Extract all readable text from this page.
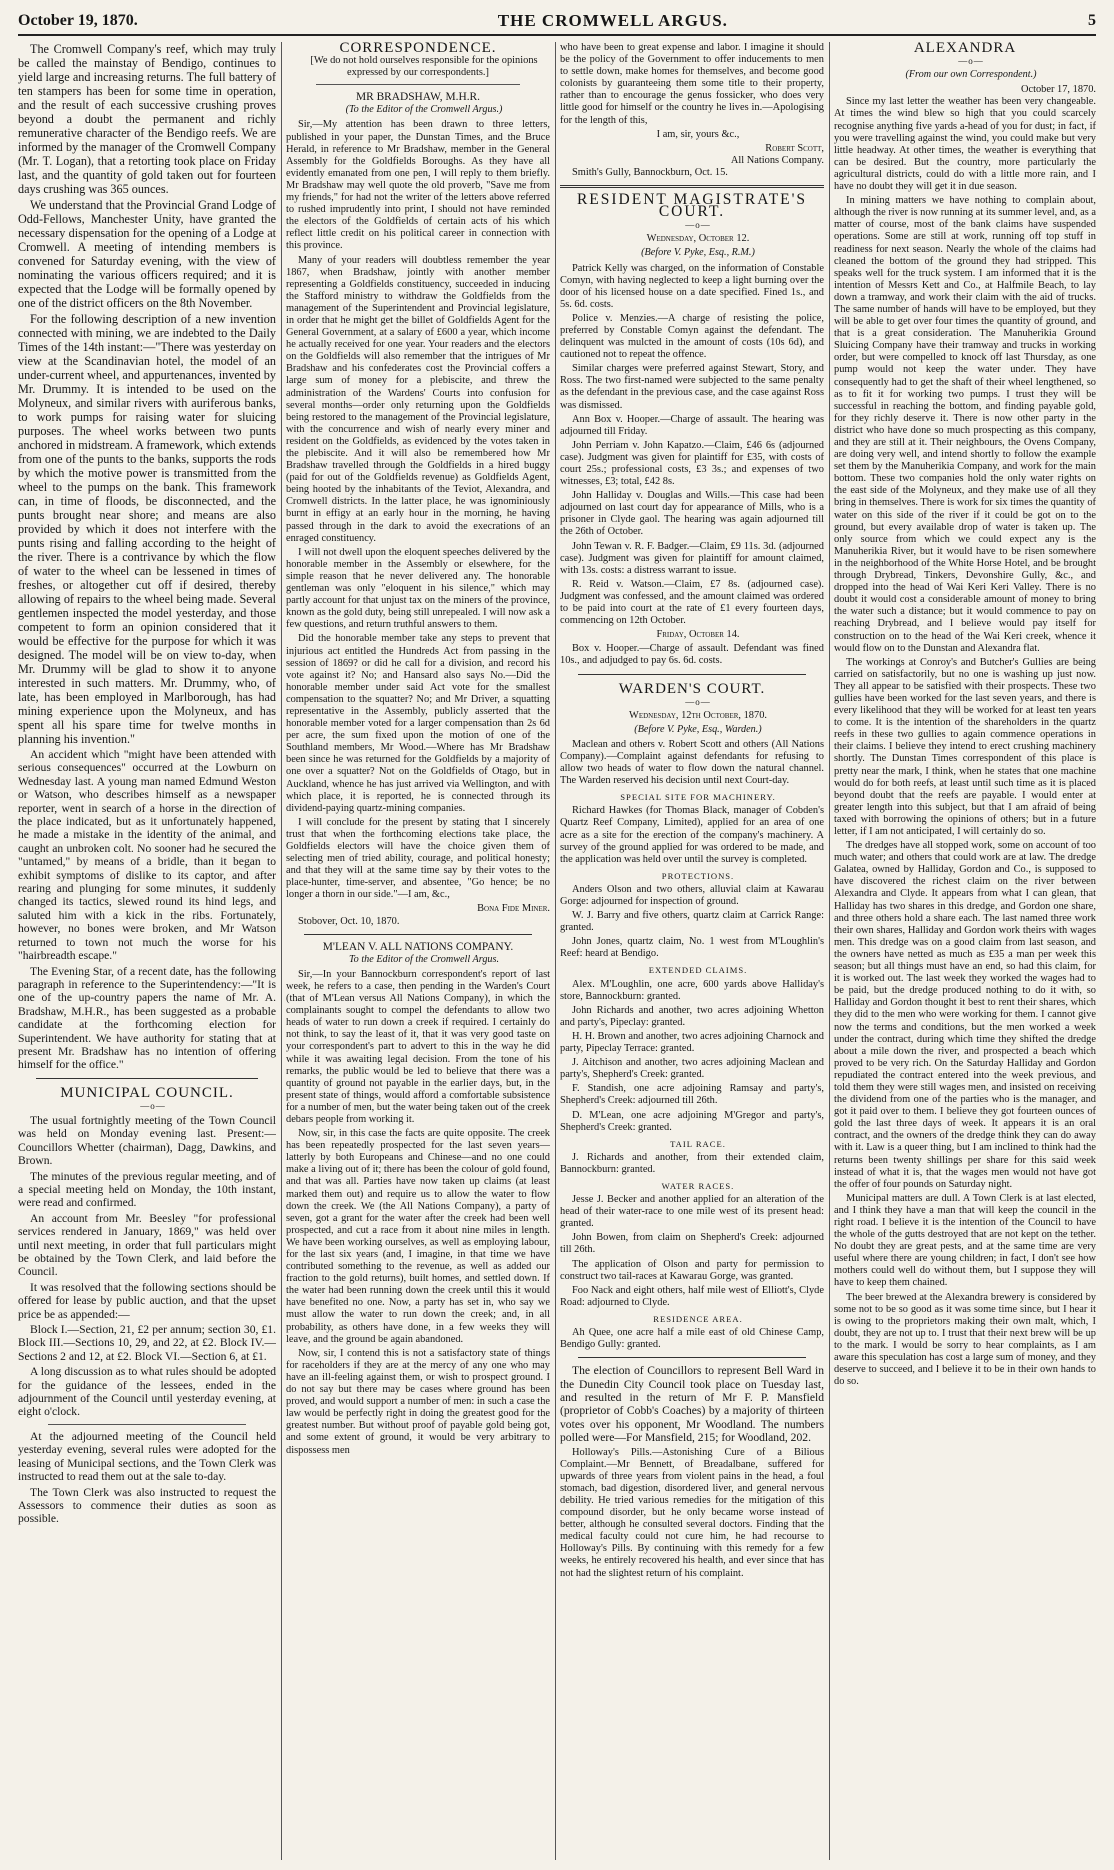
October 19, 1870.	THE CROMWELL ARGUS.	5

The Cromwell Company's reef, which may truly be called the mainstay of Bendigo, continues to yield large and increasing returns. The full battery of ten stampers has been for some time in operation, and the result of each successive crushing proves beyond a doubt the permanent and richly remunerative character of the Bendigo reefs. We are informed by the manager of the Cromwell Company (Mr. T. Logan), that a retorting took place on Friday last, and the quantity of gold taken out for fourteen days crushing was 365 ounces.

We understand that the Provincial Grand Lodge of Odd-Fellows, Manchester Unity, have granted the necessary dispensation for the opening of a Lodge at Cromwell. A meeting of intending members is convened for Saturday evening, with the view of nominating the various officers required; and it is expected that the Lodge will be formally opened by one of the district officers on the 8th November.

For the following description of a new invention connected with mining, we are indebted to the Daily Times of the 14th instant:—"There was yesterday on view at the Scandinavian hotel, the model of an under-current wheel, and appurtenances, invented by Mr. Drummy. It is intended to be used on the Molyneux, and similar rivers with auriferous banks, to work pumps for raising water for sluicing purposes. The wheel works between two punts anchored in midstream. A framework, which extends from one of the punts to the banks, supports the rods by which the motive power is transmitted from the wheel to the pumps on the bank. This framework can, in time of floods, be disconnected, and the punts brought near shore; and means are also provided by which it does not interfere with the punts rising and falling according to the height of the river. There is a contrivance by which the flow of water to the wheel can be lessened in times of freshes, or altogether cut off if desired, thereby allowing of repairs to the wheel being made. Several gentlemen inspected the model yesterday, and those competent to form an opinion considered that it would be effective for the purpose for which it was designed. The model will be on view to-day, when Mr. Drummy will be glad to show it to anyone interested in such matters. Mr. Drummy, who, of late, has been employed in Marlborough, has had mining experience upon the Molyneux, and has spent all his spare time for twelve months in planning his invention."

An accident which "might have been attended with serious consequences" occurred at the Lowburn on Wednesday last. A young man named Edmund Weston or Watson, who describes himself as a newspaper reporter, went in search of a horse in the direction of the place indicated, but as it unfortunately happened, he made a mistake in the identity of the animal, and caught an unbroken colt. No sooner had he secured the "untamed," by means of a bridle, than it began to exhibit symptoms of dislike to its captor, and after rearing and plunging for some minutes, it suddenly changed its tactics, slewed round its hind legs, and saluted him with a kick in the ribs. Fortunately, however, no bones were broken, and Mr Watson returned to town not much the worse for his "hairbreadth escape."

The Evening Star, of a recent date, has the following paragraph in reference to the Superintendency:—"It is one of the up-country papers the name of Mr. A. Bradshaw, M.H.R., has been suggested as a probable candidate at the forthcoming election for Superintendent. We have authority for stating that at present Mr. Bradshaw has no intention of offering himself for the office."

MUNICIPAL COUNCIL.

—o—

The usual fortnightly meeting of the Town Council was held on Monday evening last. Present:—Councillors Whetter (chairman), Dagg, Dawkins, and Brown.

The minutes of the previous regular meeting, and of a special meeting held on Monday, the 10th instant, were read and confirmed.

An account from Mr. Beesley "for professional services rendered in January, 1869," was held over until next meeting, in order that full particulars might be obtained by the Town Clerk, and laid before the Council.

It was resolved that the following sections should be offered for lease by public auction, and that the upset price be as appended:—

Block I.—Section, 21, £2 per annum; section 30, £1. Block III.—Sections 10, 29, and 22, at £2. Block IV.—Sections 2 and 12, at £2. Block VI.—Section 6, at £1.

A long discussion as to what rules should be adopted for the guidance of the lessees, ended in the adjournment of the Council until yesterday evening, at eight o'clock.

At the adjourned meeting of the Council held yesterday evening, several rules were adopted for the leasing of Municipal sections, and the Town Clerk was instructed to read them out at the sale to-day.

The Town Clerk was also instructed to request the Assessors to commence their duties as soon as possible.

CORRESPONDENCE.

[We do not hold ourselves responsible for the opinions expressed by our correspondents.]

MR BRADSHAW, M.H.R.

(To the Editor of the Cromwell Argus.)

Sir,—My attention has been drawn to three letters, published in your paper, the Dunstan Times, and the Bruce Herald, in reference to Mr Bradshaw, member in the General Assembly for the Goldfields Boroughs. As they have all evidently emanated from one pen, I will reply to them briefly. Mr Bradshaw may well quote the old proverb, "Save me from my friends," for had not the writer of the letters above referred to rushed imprudently into print, I should not have reminded the electors of the Goldfields of certain acts of his which reflect little credit on his political career in connection with this province.

Many of your readers will doubtless remember the year 1867, when Bradshaw, jointly with another member representing a Goldfields constituency, succeeded in inducing the Stafford ministry to withdraw the Goldfields from the management of the Superintendent and Provincial legislature, in order that he might get the billet of Goldfields Agent for the General Government, at a salary of £600 a year, which income he actually received for one year. Your readers and the electors on the Goldfields will also remember that the intrigues of Mr Bradshaw and his confederates cost the Provincial coffers a large sum of money for a plebiscite, and threw the administration of the Wardens' Courts into confusion for several months—order only returning upon the Goldfields being restored to the management of the Provincial legislature, with the concurrence and wish of nearly every miner and resident on the Goldfields, as evidenced by the votes taken in the plebiscite. And it will also be remembered how Mr Bradshaw travelled through the Goldfields in a hired buggy (paid for out of the Goldfields revenue) as Goldfields Agent, being hooted by the inhabitants of the Teviot, Alexandra, and Cromwell districts. In the latter place, he was ignominiously burnt in effigy at an early hour in the morning, he having passed through in the dark to avoid the execrations of an enraged constituency.

I will not dwell upon the eloquent speeches delivered by the honorable member in the Assembly or elsewhere, for the simple reason that he never delivered any. The honorable gentleman was only "eloquent in his silence," which may partly account for that unjust tax on the miners of the province, known as the gold duty, being still unrepealed. I will now ask a few questions, and return truthful answers to them.

Did the honorable member take any steps to prevent that injurious act entitled the Hundreds Act from passing in the session of 1869? or did he call for a division, and record his vote against it? No; and Hansard also says No.—Did the honorable member under said Act vote for the smallest compensation to the squatter? No; and Mr Driver, a squatting representative in the Assembly, publicly asserted that the honorable member voted for a larger compensation than 2s 6d per acre, the sum fixed upon the motion of one of the Southland members, Mr Wood.—Where has Mr Bradshaw been since he was returned for the Goldfields by a majority of one over a squatter? Not on the Goldfields of Otago, but in Auckland, whence he has just arrived via Wellington, and with which place, it is reported, he is connected through its dividend-paying quartz-mining companies.

I will conclude for the present by stating that I sincerely trust that when the forthcoming elections take place, the Goldfields electors will have the choice given them of selecting men of tried ability, courage, and political honesty; and that they will at the same time say by their votes to the place-hunter, time-server, and absentee, "Go hence; be no longer a thorn in our side."—I am, &c.,

Bona Fide Miner.

Stobover, Oct. 10, 1870.

M'LEAN V. ALL NATIONS COMPANY.

To the Editor of the Cromwell Argus.

Sir,—In your Bannockburn correspondent's report of last week, he refers to a case, then pending in the Warden's Court (that of M'Lean versus All Nations Company), in which the complainants sought to compel the defendants to allow two heads of water to run down a creek if required. I certainly do not think, to say the least of it, that it was very good taste on your correspondent's part to advert to this in the way he did while it was awaiting legal decision. From the tone of his remarks, the public would be led to believe that there was a quantity of ground not payable in the earlier days, but, in the present state of things, would afford a comfortable subsistence for a number of men, but the water being taken out of the creek debars people from working it.

Now, sir, in this case the facts are quite opposite. The creek has been repeatedly prospected for the last seven years—latterly by both Europeans and Chinese—and no one could make a living out of it; there has been the colour of gold found, and that was all. Parties have now taken up claims (at least marked them out) and require us to allow the water to flow down the creek. We (the All Nations Company), a party of seven, got a grant for the water after the creek had been well prospected, and cut a race from it about nine miles in length. We have been working ourselves, as well as employing labour, for the last six years (and, I imagine, in that time we have contributed something to the revenue, as well as added our fraction to the gold returns), built homes, and settled down. If the water had been running down the creek until this it would have benefited no one. Now, a party has set in, who say we must allow the water to run down the creek; and, in all probability, as others have done, in a few weeks they will leave, and the ground be again abandoned.

Now, sir, I contend this is not a satisfactory state of things for raceholders if they are at the mercy of any one who may have an ill-feeling against them, or wish to prospect ground. I do not say but there may be cases where ground has been proved, and would support a number of men: in such a case the law would be perfectly right in doing the greatest good for the greatest number. But without proof of payable gold being got, and some extent of ground, it would be very arbitrary to dispossess men

who have been to great expense and labor. I imagine it should be the policy of the Government to offer inducements to men to settle down, make homes for themselves, and become good colonists by guaranteeing them some title to their property, rather than to encourage the genus fossicker, who does very little good for himself or the country he lives in.—Apologising for the length of this,

I am, sir, yours &c.,

Robert Scott,

All Nations Company.

Smith's Gully, Bannockburn, Oct. 15.

RESIDENT MAGISTRATE'S COURT.

—o—

Wednesday, October 12.

(Before V. Pyke, Esq., R.M.)

Patrick Kelly was charged, on the information of Constable Comyn, with having neglected to keep a light burning over the door of his licensed house on a date specified. Fined 1s., and 5s. 6d. costs.

Police v. Menzies.—A charge of resisting the police, preferred by Constable Comyn against the defendant. The delinquent was mulcted in the amount of costs (10s 6d), and cautioned not to repeat the offence.

Similar charges were preferred against Stewart, Story, and Ross. The two first-named were subjected to the same penalty as the defendant in the previous case, and the case against Ross was dismissed.

Ann Box v. Hooper.—Charge of assault. The hearing was adjourned till Friday.

John Perriam v. John Kapatzo.—Claim, £46 6s (adjourned case). Judgment was given for plaintiff for £35, with costs of court 25s.; professional costs, £3 3s.; and expenses of two witnesses, £3; total, £42 8s.

John Halliday v. Douglas and Wills.—This case had been adjourned on last court day for appearance of Mills, who is a prisoner in Clyde gaol. The hearing was again adjourned till the 26th of October.

John Tewan v. R. F. Badger.—Claim, £9 11s. 3d. (adjourned case). Judgment was given for plaintiff for amount claimed, with 13s. costs: a distress warrant to issue.

R. Reid v. Watson.—Claim, £7 8s. (adjourned case). Judgment was confessed, and the amount claimed was ordered to be paid into court at the rate of £1 every fourteen days, commencing on 12th October.

Friday, October 14.

Box v. Hooper.—Charge of assault. Defendant was fined 10s., and adjudged to pay 6s. 6d. costs.

WARDEN'S COURT.

—o—

Wednesday, 12th October, 1870.

(Before V. Pyke, Esq., Warden.)

Maclean and others v. Robert Scott and others (All Nations Company).—Complaint against defendants for refusing to allow two heads of water to flow down the natural channel. The Warden reserved his decision until next Court-day.

SPECIAL SITE FOR MACHINERY.

Richard Hawkes (for Thomas Black, manager of Cobden's Quartz Reef Company, Limited), applied for an area of one acre as a site for the erection of the company's machinery. A survey of the ground applied for was ordered to be made, and the application was held over until the survey is completed.

PROTECTIONS.

Anders Olson and two others, alluvial claim at Kawarau Gorge: adjourned for inspection of ground.

W. J. Barry and five others, quartz claim at Carrick Range: granted.

John Jones, quartz claim, No. 1 west from M'Loughlin's Reef: heard at Bendigo.

EXTENDED CLAIMS.

Alex. M'Loughlin, one acre, 600 yards above Halliday's store, Bannockburn: granted.

John Richards and another, two acres adjoining Whetton and party's, Pipeclay: granted.

H. H. Brown and another, two acres adjoining Charnock and party, Pipeclay Terrace: granted.

J. Aitchison and another, two acres adjoining Maclean and party's, Shepherd's Creek: granted.

F. Standish, one acre adjoining Ramsay and party's, Shepherd's Creek: adjourned till 26th.

D. M'Lean, one acre adjoining M'Gregor and party's, Shepherd's Creek: granted.

TAIL RACE.

J. Richards and another, from their extended claim, Bannockburn: granted.

WATER RACES.

Jesse J. Becker and another applied for an alteration of the head of their water-race to one mile west of its present head: granted.

John Bowen, from claim on Shepherd's Creek: adjourned till 26th.

The application of Olson and party for permission to construct two tail-races at Kawarau Gorge, was granted.

Foo Nack and eight others, half mile west of Elliott's, Clyde Road: adjourned to Clyde.

RESIDENCE AREA.

Ah Quee, one acre half a mile east of old Chinese Camp, Bendigo Gully: granted.

The election of Councillors to represent Bell Ward in the Dunedin City Council took place on Tuesday last, and resulted in the return of Mr F. P. Mansfield (proprietor of Cobb's Coaches) by a majority of thirteen votes over his opponent, Mr Woodland. The numbers polled were—For Mansfield, 215; for Woodland, 202.

Holloway's Pills.—Astonishing Cure of a Bilious Complaint.—Mr Bennett, of Breadalbane, suffered for upwards of three years from violent pains in the head, a foul stomach, bad digestion, disordered liver, and general nervous debility. He tried various remedies for the mitigation of this compound disorder, but he only became worse instead of better, although he consulted several doctors. Finding that the medical faculty could not cure him, he had recourse to Holloway's Pills. By continuing with this remedy for a few weeks, he entirely recovered his health, and ever since that has not had the slightest return of his complaint.

ALEXANDRA

—o—

(From our own Correspondent.)

October 17, 1870.

Since my last letter the weather has been very changeable. At times the wind blew so high that you could scarcely recognise anything five yards a-head of you for dust; in fact, if you were travelling against the wind, you could make but very little headway. At other times, the weather is everything that can be desired. But the country, more particularly the agricultural districts, could do with a little more rain, and I have no doubt they will get it in due season.

In mining matters we have nothing to complain about, although the river is now running at its summer level, and, as a matter of course, most of the bank claims have suspended operations. Some are still at work, running off top stuff in readiness for next season. Nearly the whole of the claims had cleaned the bottom of the ground they had stripped. This speaks well for the truck system. I am informed that it is the intention of Messrs Kett and Co., at Halfmile Beach, to lay down a tramway, and work their claim with the aid of trucks. The same number of hands will have to be employed, but they will be able to get over four times the quantity of ground, and that is a great consideration. The Manuherikia Ground Sluicing Company have their tramway and trucks in working order, but were compelled to knock off last Thursday, as one pump would not keep the water under. They have consequently had to get the shaft of their wheel lengthened, so as to fit it for working two pumps. I trust they will be successful in reaching the bottom, and finding payable gold, for they richly deserve it. There is now other party in the district who have done so much prospecting as this company, and they are still at it. Their neighbours, the Ovens Company, are doing very well, and intend shortly to follow the example set them by the Manuherikia Company, and work for the main bottom. These two companies hold the only water rights on the east side of the Molyneux, and they make use of all they bring in themselves. There is work for six times the quantity of water on this side of the river if it could be got on to the ground, but every available drop of water is taken up. The only source from which we could expect any is the Manuherikia River, but it would have to be risen somewhere in the neighborhood of the White Horse Hotel, and be brought through Drybread, Tinkers, Devonshire Gully, &c., and dropped into the head of Wai Keri Keri Valley. There is no doubt it would cost a considerable amount of money to bring the water such a distance; but it would commence to pay on reaching Drybread, and I believe would pay itself for construction on to the head of the Wai Keri creek, whence it would flow on to the Dunstan and Alexandra flat.

The workings at Conroy's and Butcher's Gullies are being carried on satisfactorily, but no one is washing up just now. They all appear to be satisfied with their prospects. These two gullies have been worked for the last seven years, and there is every likelihood that they will be worked for at least ten years to come. It is the intention of the shareholders in the quartz reefs in these two gullies to again commence operations in their claims. I believe they intend to erect crushing machinery shortly. The Dunstan Times correspondent of this place is pretty near the mark, I think, when he states that one machine would do for both reefs, at least until such time as it is placed beyond doubt that the reefs are payable. I would enter at greater length into this subject, but that I am afraid of being taxed with borrowing the opinions of others; but in a future letter, if I am not anticipated, I will certainly do so.

The dredges have all stopped work, some on account of too much water; and others that could work are at law. The dredge Galatea, owned by Halliday, Gordon and Co., is supposed to have discovered the richest claim on the river between Alexandra and Clyde. It appears from what I can glean, that Halliday has two shares in this dredge, and Gordon one share, and three others hold a share each. The last named three work their own shares, Halliday and Gordon work theirs with wages men. This dredge was on a good claim from last season, and the owners have netted as much as £35 a man per week this season; but all things must have an end, so had this claim, for it is worked out. The last week they worked the wages had to be paid, but the dredge produced nothing to do it with, so Halliday and Gordon thought it best to rent their shares, which they did to the men who were working for them. I cannot give now the terms and conditions, but the men worked a week under the contract, during which time they shifted the dredge about a mile down the river, and prospected a beach which proved to be very rich. On the Saturday Halliday and Gordon repudiated the contract entered into the week previous, and told them they were still wages men, and insisted on receiving the dividend from one of the parties who is the manager, and got it paid over to them. I believe they got fourteen ounces of gold the last three days of week. It appears it is an oral contract, and the owners of the dredge think they can do away with it. Law is a queer thing, but I am inclined to think had the returns been twenty shillings per share for this said week instead of what it is, that the wages men would not have got the offer of four pounds on Saturday night.

Municipal matters are dull. A Town Clerk is at last elected, and I think they have a man that will keep the council in the right road. I believe it is the intention of the Council to have the whole of the gutts destroyed that are not kept on the tether. No doubt they are great pests, and at the same time are very useful where there are young children; in fact, I don't see how mothers could well do without them, but I suppose they will have to keep them chained.

The beer brewed at the Alexandra brewery is considered by some not to be so good as it was some time since, but I hear it is owing to the proprietors making their own malt, which, I doubt, they are not up to. I trust that their next brew will be up to the mark. I would be sorry to hear complaints, as I am aware this speculation has cost a large sum of money, and they deserve to succeed, and I believe it to be in their own hands to do so.
